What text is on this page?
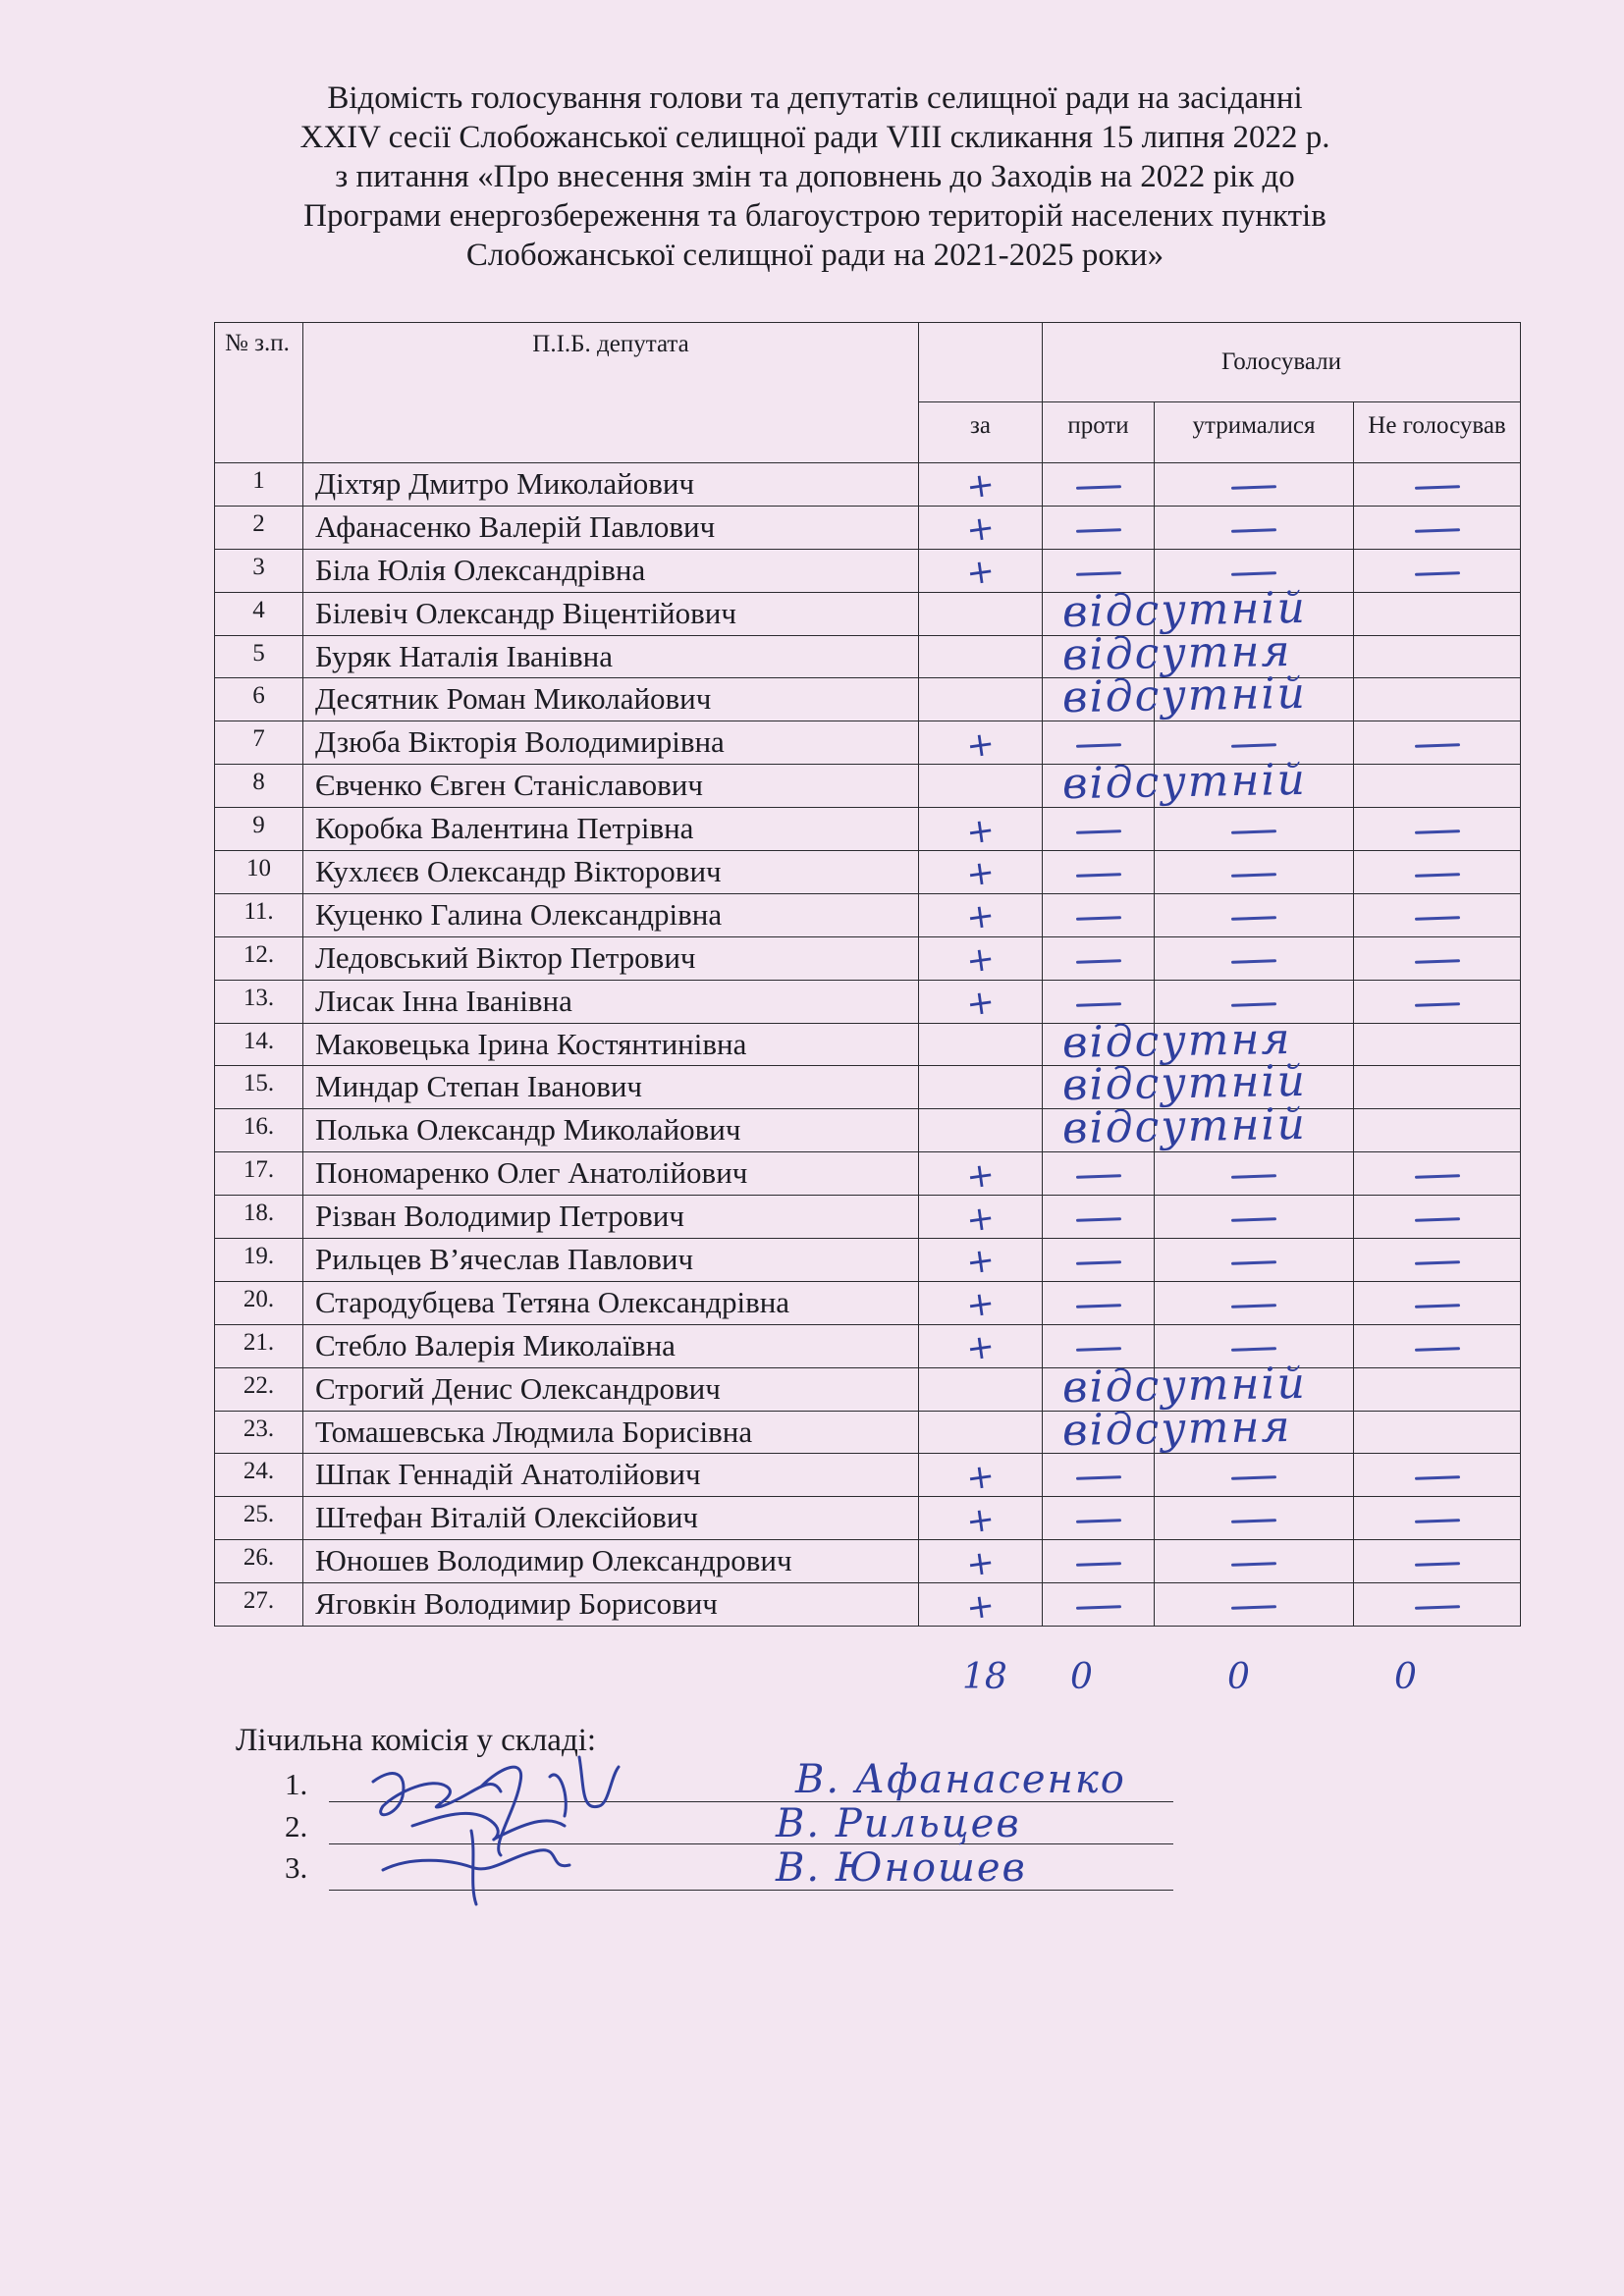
Відомість голосування голови та депутатів селищної ради на засіданні
XXIV сесії Слобожанської селищної ради VIII скликання 15 липня 2022 р.
з питання «Про внесення змін та доповнень до Заходів на 2022 рік до
Програми енергозбереження та благоустрою територій населених пунктів
Слобожанської селищної ради на 2021-2025 роки»
№ з.п.	П.І.Б. депутата		Голосували		
		за	проти	утрималися	Не голосував
1	Діхтяр Дмитро Миколайович	+			
2	Афанасенко Валерій Павлович	+			
3	Біла Юлія Олександрівна	+			
4	Білевіч Олександр Віцентійович		відсутній		

5	Буряк Наталія Іванівна		відсутня		

6	Десятник Роман Миколайович		відсутній		

7	Дзюба Вікторія Володимирівна	+			
8	Євченко Євген Станіславович		відсутній		

9	Коробка Валентина Петрівна	+			
10	Кухлєєв Олександр Вікторович	+			
11.	Куценко Галина Олександрівна	+			
12.	Ледовський Віктор Петрович	+			
13.	Лисак Інна Іванівна	+			
14.	Маковецька Ірина Костянтинівна		відсутня		

15.	Миндар Степан Іванович		відсутній		

16.	Полька Олександр Миколайович		відсутній		

17.	Пономаренко Олег Анатолійович	+			
18.	Різван Володимир Петрович	+			
19.	Рильцев В’ячеслав Павлович	+			
20.	Стародубцева Тетяна Олександрівна	+			
21.	Стебло Валерія Миколаївна	+			
22.	Строгий Денис Олександрович		відсутній		

23.	Томашевська Людмила Борисівна		відсутня		

24.	Шпак Геннадій Анатолійович	+			
25.	Штефан Віталій Олексійович	+			
26.	Юношев Володимир Олександрович	+			
27.	Яговкін Володимир Борисович	+			
18 0	0	0
Лічильна комісія у складі:
1.	В. Афанасенко
2.	В. Рильцев
3.	В. Юношев
